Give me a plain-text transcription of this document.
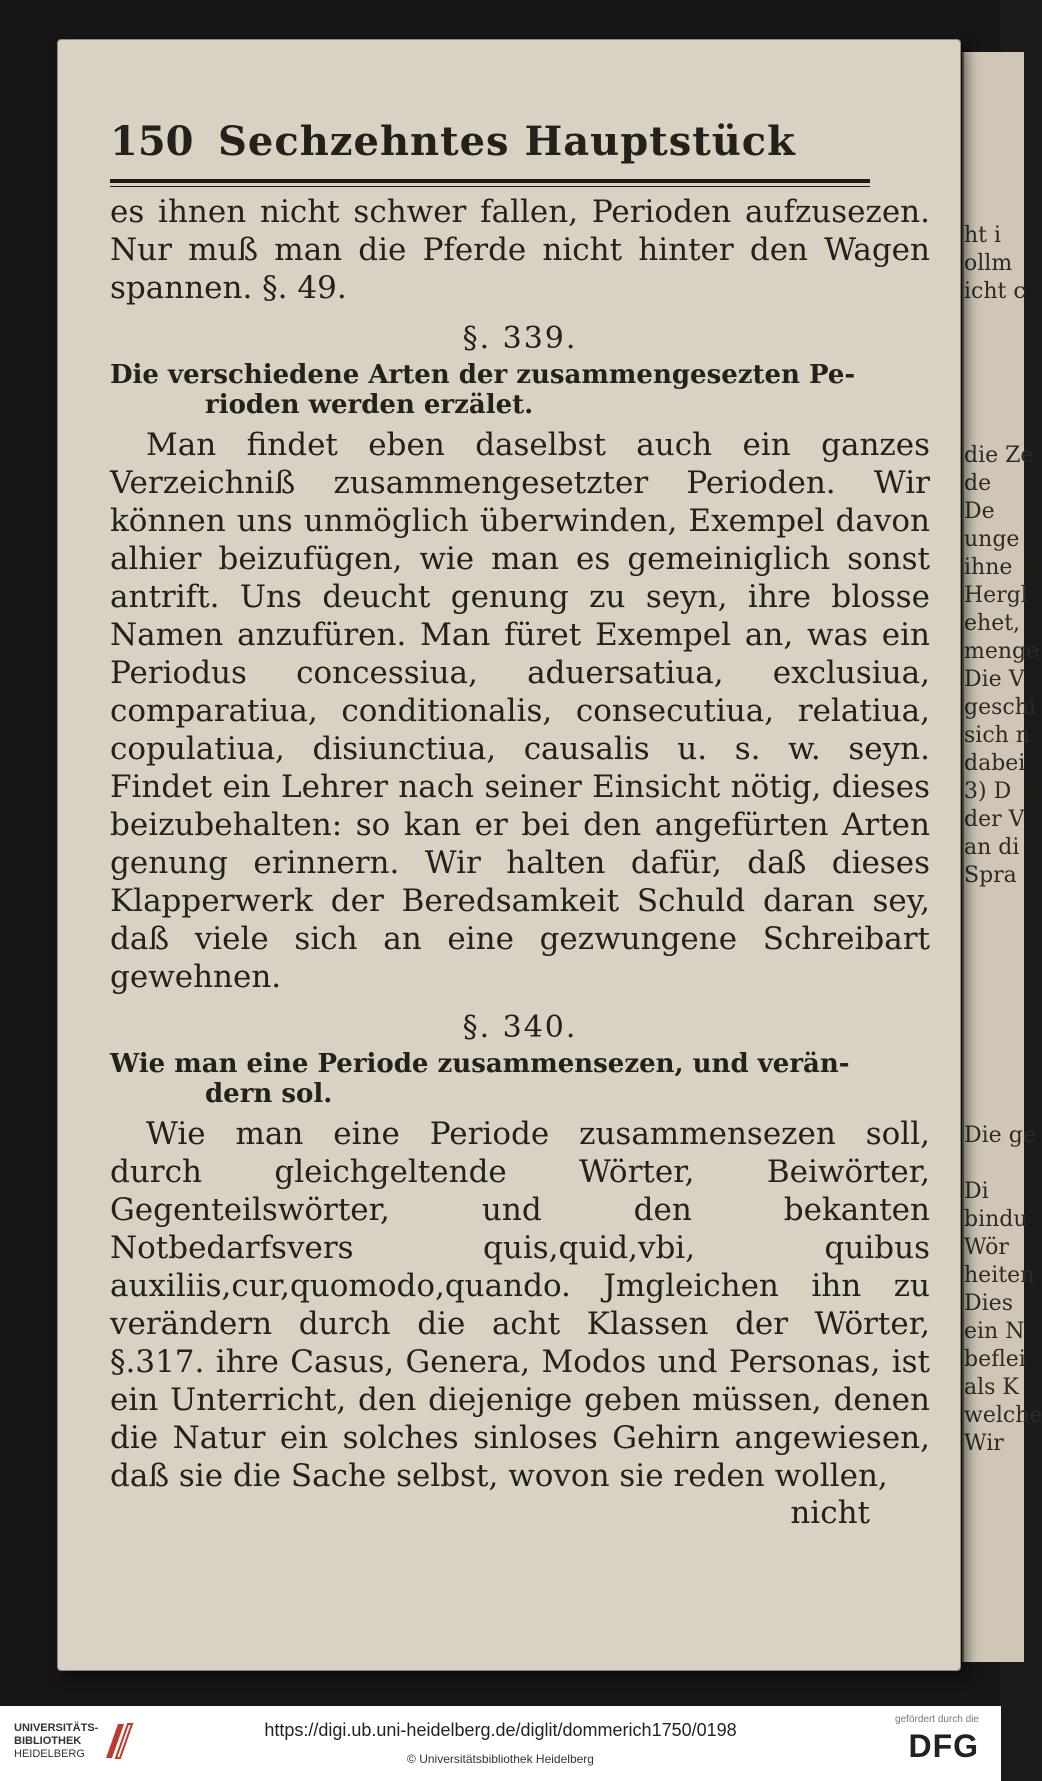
ht i
ollm
icht c
die Ze
de
De
unge
ihne
Hergl
ehet,
menge
Die V
geschi
sich n
dabei
3) D
der V
an di
Spra
Die ge

Di
bindu
Wör
heiten
Dies
ein N
beflei
als K
welche
Wir
150 Sechzehntes Hauptstück

es ihnen nicht schwer fallen, Perioden aufzusezen. Nur muß man die Pferde nicht hinter den Wagen spannen. §. 49.

§. 339.
Die verschiedene Arten der zusammengesezten Pe-
rioden werden erzälet.

Man findet eben daselbst auch ein ganzes Verzeichniß zusammengesetzter Perioden. Wir können uns unmöglich überwinden, Exempel davon alhier beizufügen, wie man es gemeiniglich sonst antrift. Uns deucht genung zu seyn, ihre blosse Namen anzufüren. Man füret Exempel an, was ein Periodus concessiua, aduersatiua, exclusiua, comparatiua, conditionalis, consecutiua, relatiua, copulatiua, disiunctiua, causalis u. s. w. seyn. Findet ein Lehrer nach seiner Einsicht nötig, dieses beizubehalten: so kan er bei den angefürten Arten genung erinnern. Wir halten dafür, daß dieses Klapperwerk der Beredsamkeit Schuld daran sey, daß viele sich an eine gezwungene Schreibart gewehnen.

§. 340.
Wie man eine Periode zusammensezen, und verän-
dern sol.

Wie man eine Periode zusammensezen soll, durch gleichgeltende Wörter, Beiwörter, Gegenteilswörter, und den bekanten Notbedarfsvers quis,quid,vbi, quibus auxiliis,cur,quomodo,quando. Jmgleichen ihn zu verändern durch die acht Klassen der Wörter, §.317. ihre Casus, Genera, Modos und Personas, ist ein Unterricht, den diejenige geben müssen, denen die Natur ein solches sinloses Gehirn angewiesen, daß sie die Sache selbst, wovon sie reden wollen,

nicht
UNIVERSITÄTS-
BIBLIOTHEK
HEIDELBERG
https://digi.ub.uni-heidelberg.de/diglit/dommerich1750/0198
© Universitätsbibliothek Heidelberg
gefördert durch die
DFG
